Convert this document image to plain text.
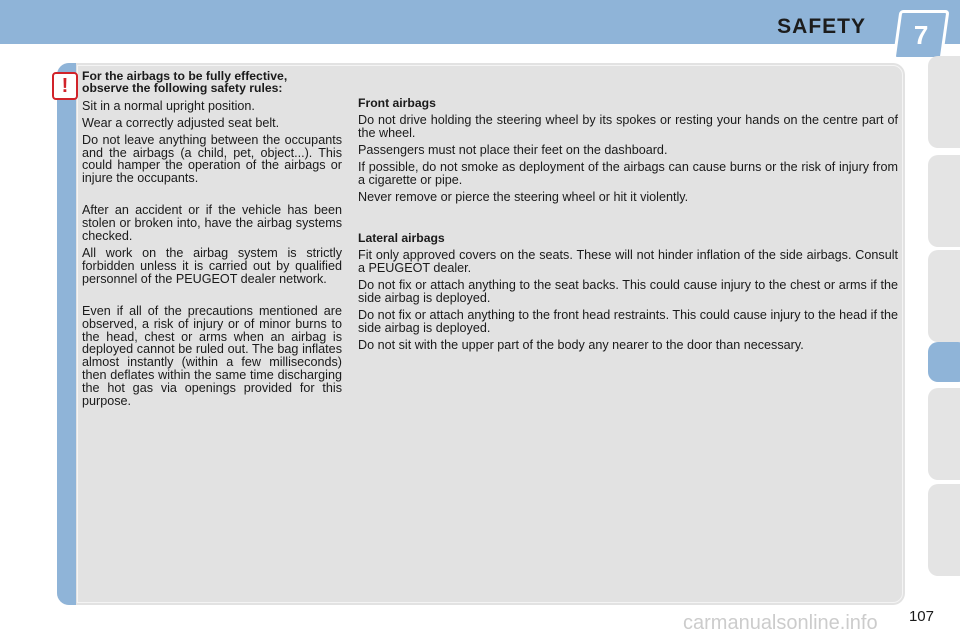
SAFETY 7
! For the airbags to be fully effective, observe the following safety rules:

Sit in a normal upright position.

Wear a correctly adjusted seat belt.

Do not leave anything between the occupants and the airbags (a child, pet, object...). This could hamper the operation of the airbags or injure the occupants.

After an accident or if the vehicle has been stolen or broken into, have the airbag systems checked.

All work on the airbag system is strictly forbidden unless it is carried out by qualified personnel of the PEUGEOT dealer network.

Even if all of the precautions mentioned are observed, a risk of injury or of minor burns to the head, chest or arms when an airbag is deployed cannot be ruled out. The bag inflates almost instantly (within a few milliseconds) then deflates within the same time discharging the hot gas via openings provided for this purpose.

Front airbags

Do not drive holding the steering wheel by its spokes or resting your hands on the centre part of the wheel.

Passengers must not place their feet on the dashboard.

If possible, do not smoke as deployment of the airbags can cause burns or the risk of injury from a cigarette or pipe.

Never remove or pierce the steering wheel or hit it violently.

Lateral airbags

Fit only approved covers on the seats. These will not hinder inflation of the side airbags. Consult a PEUGEOT dealer.

Do not fix or attach anything to the seat backs. This could cause injury to the chest or arms if the side airbag is deployed.

Do not fix or attach anything to the front head restraints. This could cause injury to the head if the side airbag is deployed.

Do not sit with the upper part of the body any nearer to the door than necessary.

107
carmanualsonline.info
